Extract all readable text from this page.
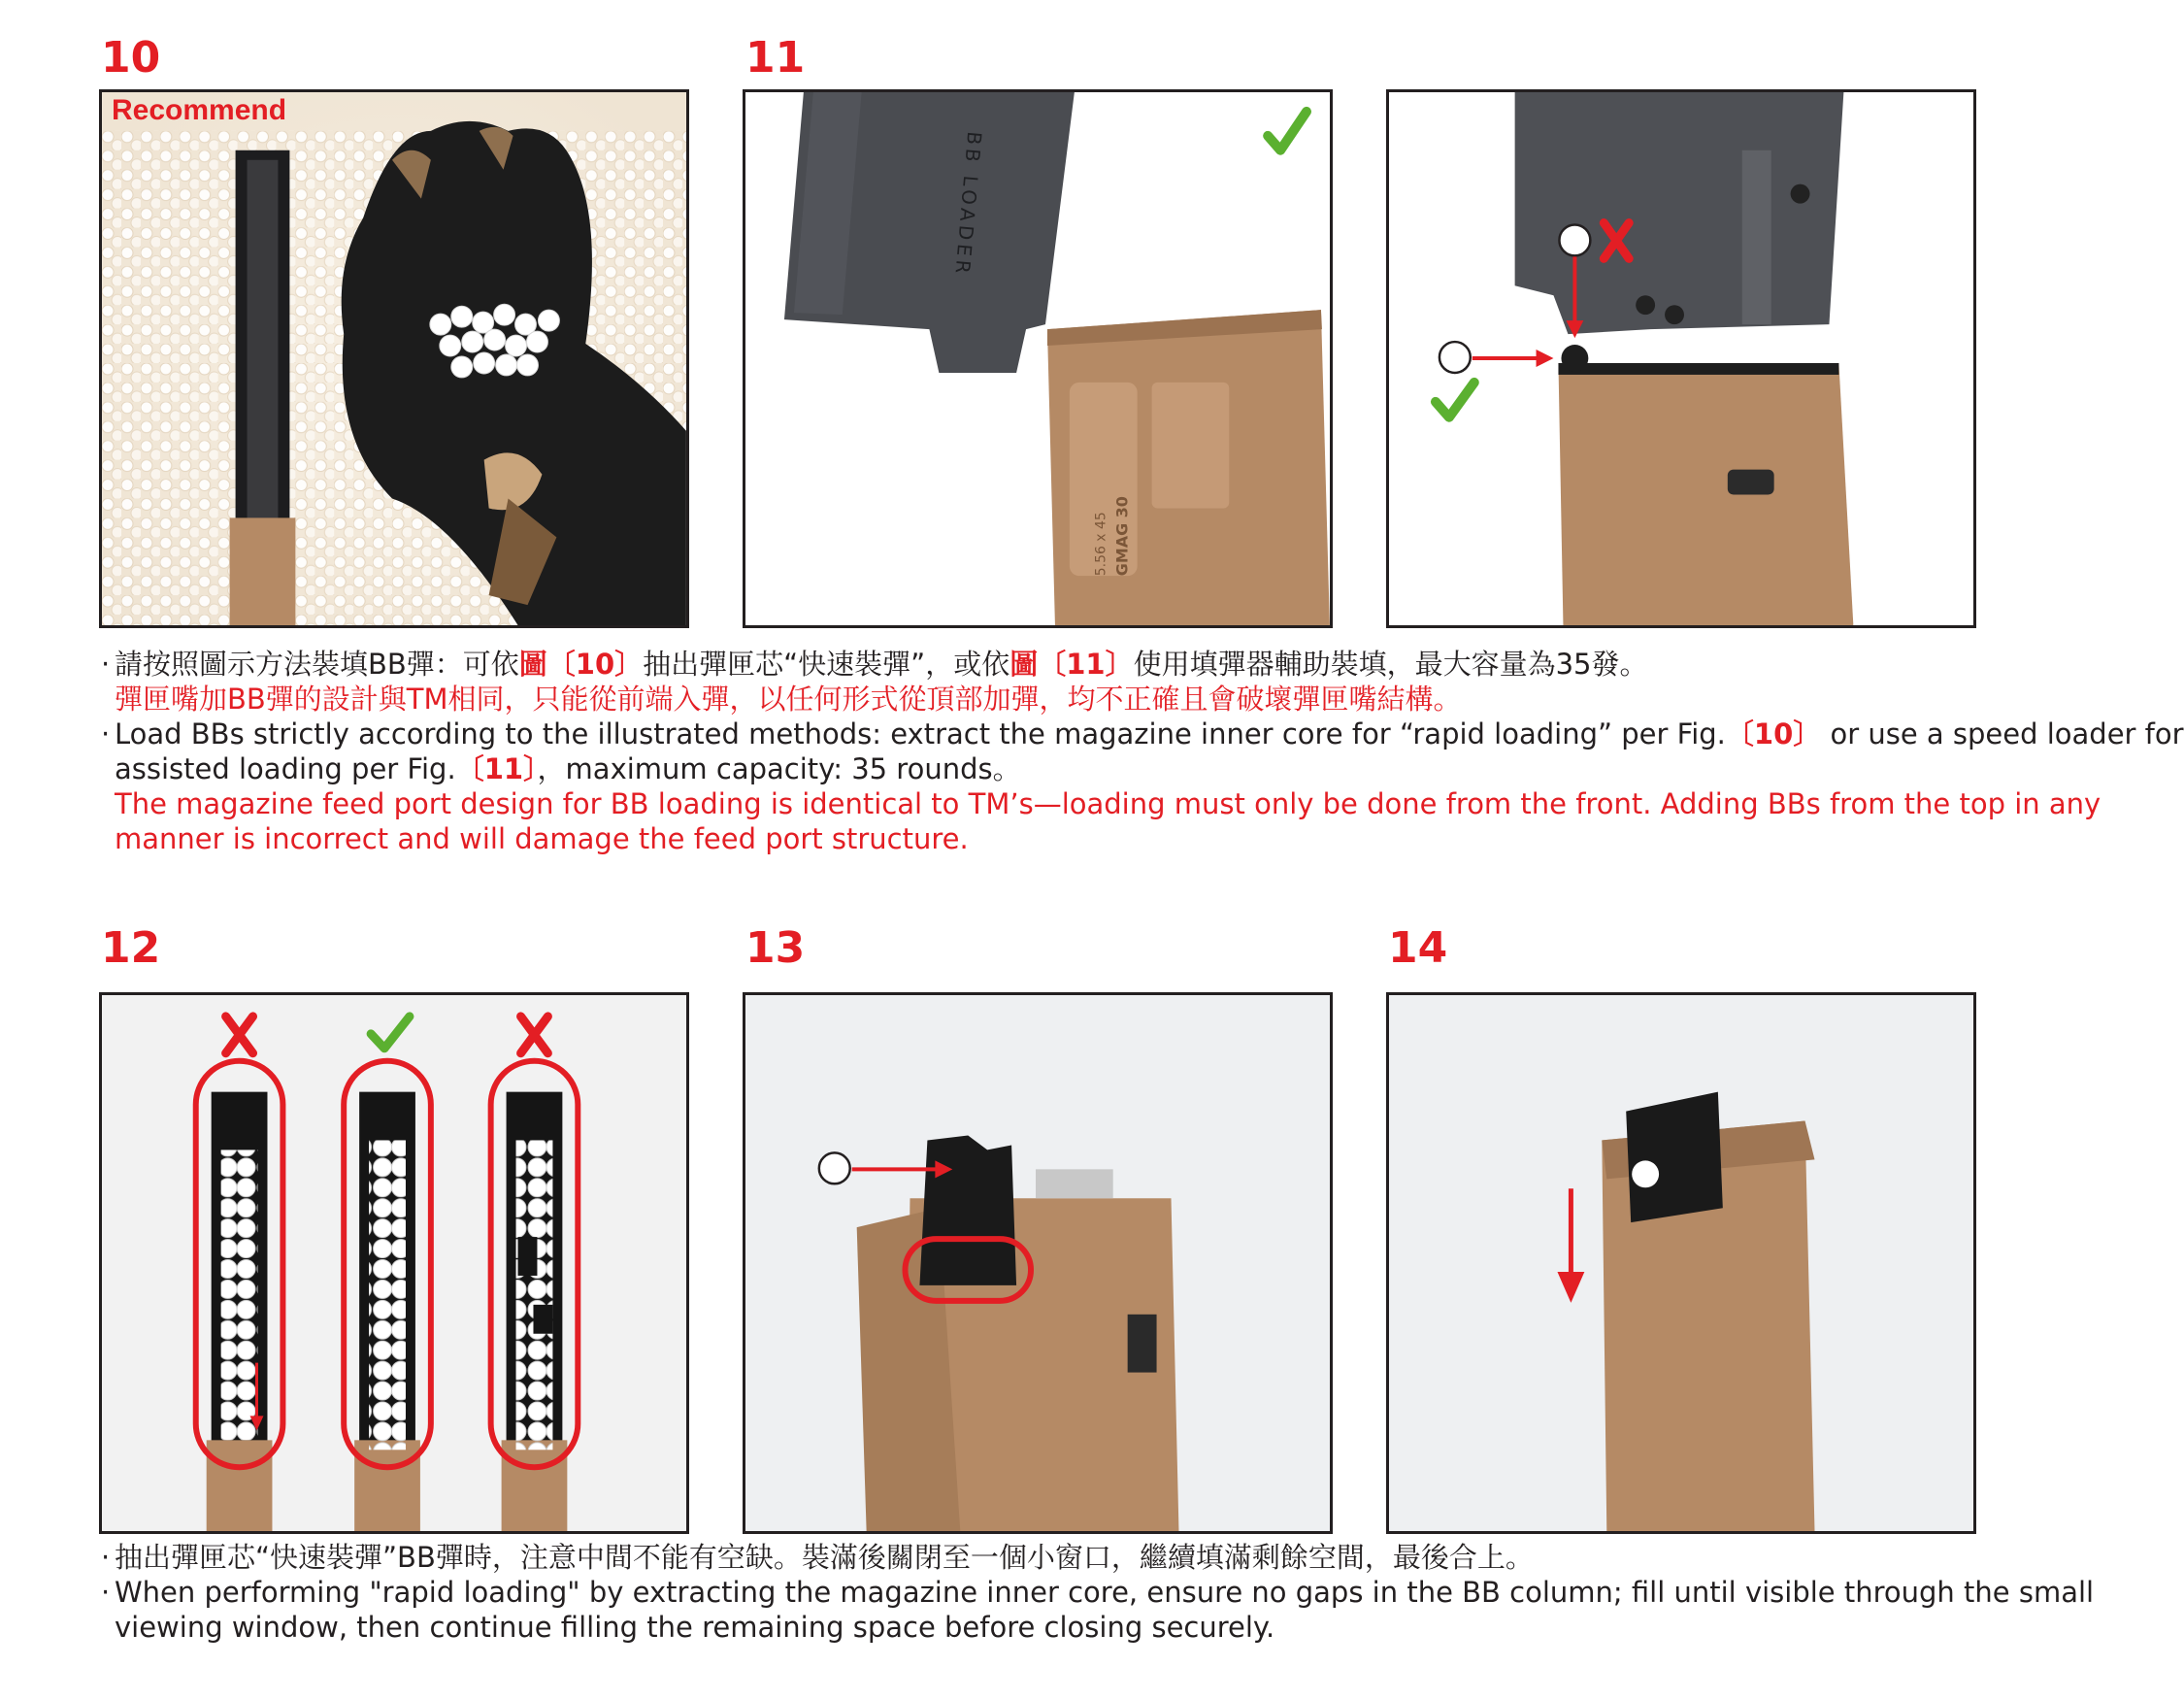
10	11
Recommend
BB LOADER
5.56 x 45 GMAG 30
· 請按照圖示方法裝填BB彈：可依圖〔10〕抽出彈匣芯“快速裝彈”，或依圖〔11〕使用填彈器輔助裝填，最大容量為35發。
彈匣嘴加BB彈的設計與TM相同，只能從前端入彈，以任何形式從頂部加彈，均不正確且會破壞彈匣嘴結構。
· Load BBs strictly according to the illustrated methods: extract the magazine inner core for “rapid loading” per Fig.〔10〕 or use a speed loader for
assisted loading per Fig.〔11〕，maximum capacity: 35 rounds。
The magazine feed port design for BB loading is identical to TM’s—loading must only be done from the front. Adding BBs from the top in any
manner is incorrect and will damage the feed port structure.
12	13	14
· 抽出彈匣芯“快速裝彈”BB彈時，注意中間不能有空缺。裝滿後關閉至一個小窗口，繼續填滿剩餘空間，最後合上。
· When performing "rapid loading" by extracting the magazine inner core, ensure no gaps in the BB column; fill until visible through the small
viewing window, then continue filling the remaining space before closing securely.
